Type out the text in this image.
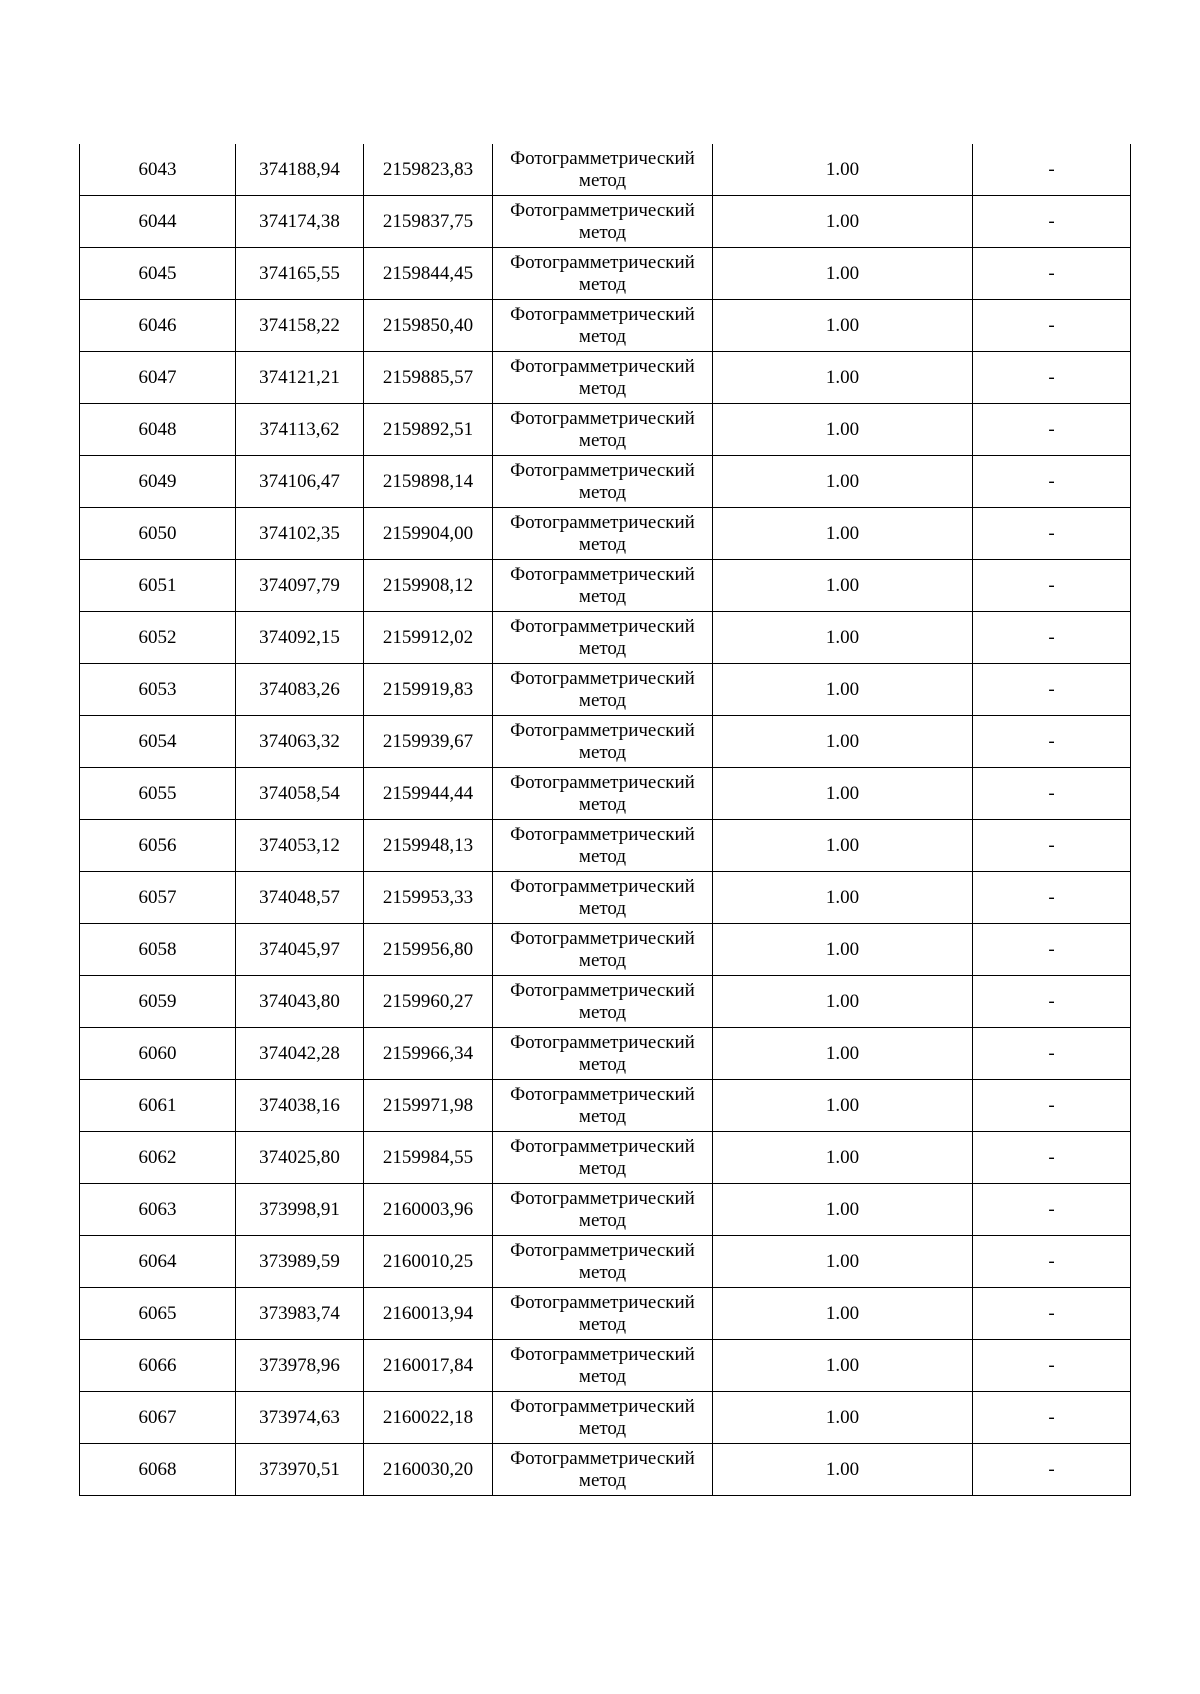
6043	374188,94	2159823,83	Фотограмметрический
метод	1.00	-
6044	374174,38	2159837,75	Фотограмметрический
метод	1.00	-
6045	374165,55	2159844,45	Фотограмметрический
метод	1.00	-
6046	374158,22	2159850,40	Фотограмметрический
метод	1.00	-
6047	374121,21	2159885,57	Фотограмметрический
метод	1.00	-
6048	374113,62	2159892,51	Фотограмметрический
метод	1.00	-
6049	374106,47	2159898,14	Фотограмметрический
метод	1.00	-
6050	374102,35	2159904,00	Фотограмметрический
метод	1.00	-
6051	374097,79	2159908,12	Фотограмметрический
метод	1.00	-
6052	374092,15	2159912,02	Фотограмметрический
метод	1.00	-
6053	374083,26	2159919,83	Фотограмметрический
метод	1.00	-
6054	374063,32	2159939,67	Фотограмметрический
метод	1.00	-
6055	374058,54	2159944,44	Фотограмметрический
метод	1.00	-
6056	374053,12	2159948,13	Фотограмметрический
метод	1.00	-
6057	374048,57	2159953,33	Фотограмметрический
метод	1.00	-
6058	374045,97	2159956,80	Фотограмметрический
метод	1.00	-
6059	374043,80	2159960,27	Фотограмметрический
метод	1.00	-
6060	374042,28	2159966,34	Фотограмметрический
метод	1.00	-
6061	374038,16	2159971,98	Фотограмметрический
метод	1.00	-
6062	374025,80	2159984,55	Фотограмметрический
метод	1.00	-
6063	373998,91	2160003,96	Фотограмметрический
метод	1.00	-
6064	373989,59	2160010,25	Фотограмметрический
метод	1.00	-
6065	373983,74	2160013,94	Фотограмметрический
метод	1.00	-
6066	373978,96	2160017,84	Фотограмметрический
метод	1.00	-
6067	373974,63	2160022,18	Фотограмметрический
метод	1.00	-
6068	373970,51	2160030,20	Фотограмметрический
метод	1.00	-
